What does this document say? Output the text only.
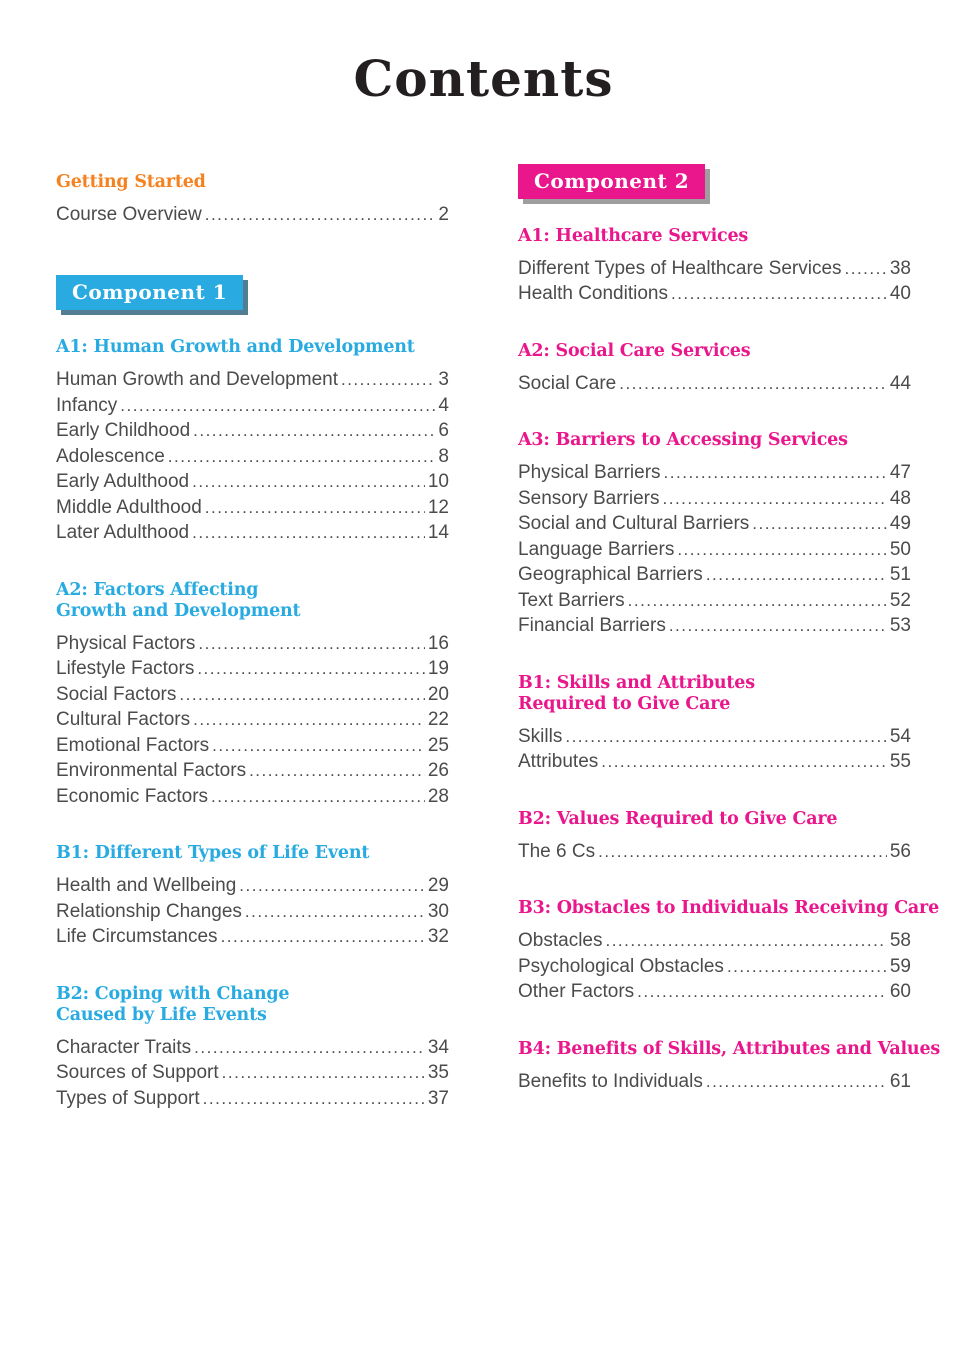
Contents
Getting Started
Course Overview .....	2
Component 1
A1: Human Growth and Development
Human Growth and Development .....	3
Infancy .....	4
Early Childhood .....	6
Adolescence .....	8
Early Adulthood .....	10
Middle Adulthood .....	12
Later Adulthood .....	14
A2: Factors Affecting
Growth and Development
Physical Factors .....	16
Lifestyle Factors .....	19
Social Factors .....	20
Cultural Factors .....	22
Emotional Factors .....	25
Environmental Factors .....	26
Economic Factors .....	28
B1: Different Types of Life Event
Health and Wellbeing .....	29
Relationship Changes .....	30
Life Circumstances .....	32
B2: Coping with Change
Caused by Life Events
Character Traits .....	34
Sources of Support .....	35
Types of Support .....	37
Component 2
A1: Healthcare Services
Different Types of Healthcare Services .....	38
Health Conditions .....	40
A2: Social Care Services
Social Care .....	44
A3: Barriers to Accessing Services
Physical Barriers .....	47
Sensory Barriers .....	48
Social and Cultural Barriers .....	49
Language Barriers .....	50
Geographical Barriers .....	51
Text Barriers .....	52
Financial Barriers .....	53
B1: Skills and Attributes
Required to Give Care
Skills .....	54
Attributes .....	55
B2: Values Required to Give Care
The 6 Cs .....	56
B3: Obstacles to Individuals Receiving Care
Obstacles .....	58
Psychological Obstacles .....	59
Other Factors .....	60
B4: Benefits of Skills, Attributes and Values
Benefits to Individuals .....	61
